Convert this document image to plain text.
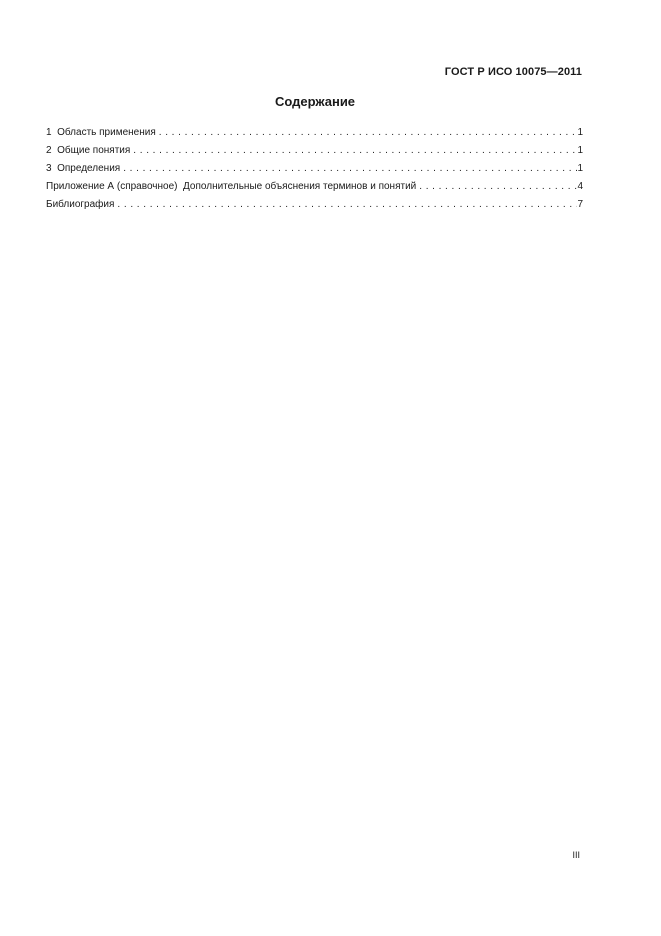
ГОСТ Р ИСО 10075—2011
Содержание
1  Область применения . . .	1
2  Общие понятия . . .	1
3  Определения . . .	1
Приложение А (справочное)  Дополнительные объяснения терминов и понятий . . .	4
Библиография . . .	7
III
